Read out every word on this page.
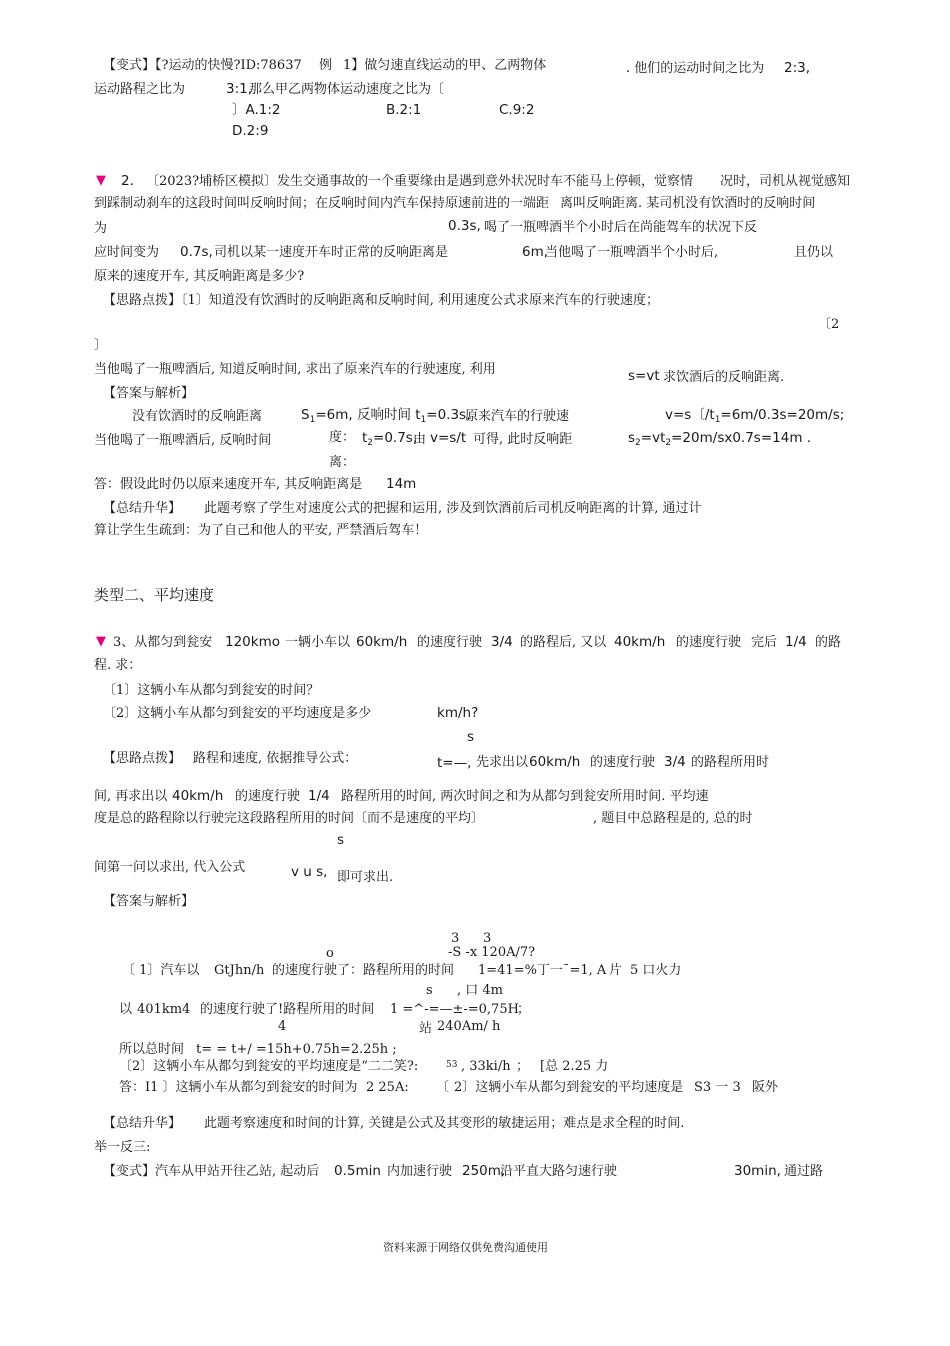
【变式】【?运动的快慢?ID:78637 例 1】做匀速直线运动的甲、乙两物体	. 他们的运动时间之比为 2:3,
运动路程之比为	3:1,
那么甲乙两物体运动速度之比为〔
〕A.1:2	B.2:1	C.9:2
D.2:9
▼ 2. 〔2023?埔桥区模拟〕发生交通事故的一个重要缘由是遇到意外状况时车不能马上停顿，觉察情 况时，司机从视觉感知
到踩制动刹车的这段时间叫反响时间；在反响时间内汽车保持原速前进的一端距 离叫反响距离. 某司机没有饮酒时的反响时间
为	0.3s, 喝了一瓶啤酒半个小时后在尚能驾车的状况下反
应时间变为 0.7s, 司机以某一速度开车时正常的反响距离是	6m,
当他喝了一瓶啤酒半个小时后,	且仍以
原来的速度开车, 其反响距离是多少?
【思路点拨】〔1〕知道没有饮酒时的反响距离和反响时间, 利用速度公式求原来汽车的行驶速度；
〔2
〕
当他喝了一瓶啤酒后, 知道反响时间, 求出了原来汽车的行驶速度, 利用	s=vt 求饮酒后的反响距离.
【答案与解析】
没有饮酒时的反响距离	$S_1=6m$, 反响时间 $t_1=0.3s$,
原来汽车的行驶速	v=s〔$/t_1=6m/0.3s=20m/s$;
当他喝了一瓶啤酒后, 反响时间	度： $t_2=0.7s$,
由 v=s/t 可得, 此时反响距	$s_2=vt_2=20m/sx0.7s=14m$ .
离：
答：假设此时仍以原来速度开车, 其反响距离是 14m
【总结升华】 此题考察了学生对速度公式的把握和运用, 涉及到饮酒前后司机反响距离的计算, 通过计
算让学生生疏到：为了自己和他人的平安, 严禁酒后驾车！
类型二、平均速度
▼ 3、从都匀到瓮安 120kmo 一辆小车以 60km/h 的速度行驶 3/4 的路程后, 又以 40km/h 的速度行驶 完后 1/4 的路
程. 求：
〔1〕这辆小车从都匀到瓮安的时间？
〔2〕这辆小车从都匀到瓮安的平均速度是多少	km/h?
s
【思路点拨】 路程和速度, 依据推导公式：	t=—, 先求出以 60km/h 的速度行驶 3/4 的路程所用时
间, 再求出以 40km/h 的速度行驶 1/4 路程所用的时间, 两次时间之和为从都匀到瓮安所用时间. 平均速
度是总的路程除以行驶完这段路程所用的时间〔而不是速度的平均〕	, 题目中总路程是的, 总的时
s
间第一问以求出, 代入公式	v u s, 即可求出.
【答案与解析】
3 3
o	-S -x 120A/7?
〔 1〕汽车以 GtJhn/h 的速度行驶了：路程所用的时间 1=41=%丁一ˉ=1, A 片 5 口火力
s , 口 4m
以 401km4 的速度行驶了!路程所用的时间 1 =^-=—±-=0,75H
；
4	站 240Am/ h
所以总时间 t= = t+/ =15h+0.75h=2.25h ;
〔2〕这辆小车从都匀到瓮安的平均速度是“二二笑?:	53 , 33ki/h ； [总 2.25 力
答：I1 〕这辆小车从都匀到瓮安的时间为 2 25A: 〔 2〕这辆小车从都匀到瓮安的平均速度是 S3 一 3 阪外
【总结升华】 此题考察速度和时间的计算, 关键是公式及其变形的敏捷运用；难点是求全程的时间.
举一反三:
【变式】汽车从甲站开往乙站, 起动后 0.5min 内加速行驶 250m,
沿平直大路匀速行驶	30min, 通过路
资料来源于网络仅供免费沟通使用
